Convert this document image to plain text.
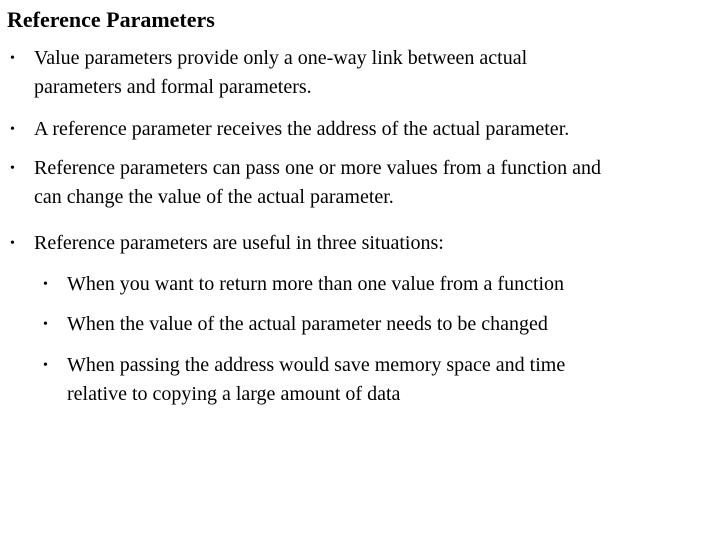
Reference Parameters
• Value parameters provide only a one-way link between actual
parameters and formal parameters.
• A reference parameter receives the address of the actual parameter.
• Reference parameters can pass one or more values from a function and
can change the value of the actual parameter.
• Reference parameters are useful in three situations:
• When you want to return more than one value from a function
• When the value of the actual parameter needs to be changed
• When passing the address would save memory space and time
relative to copying a large amount of data
